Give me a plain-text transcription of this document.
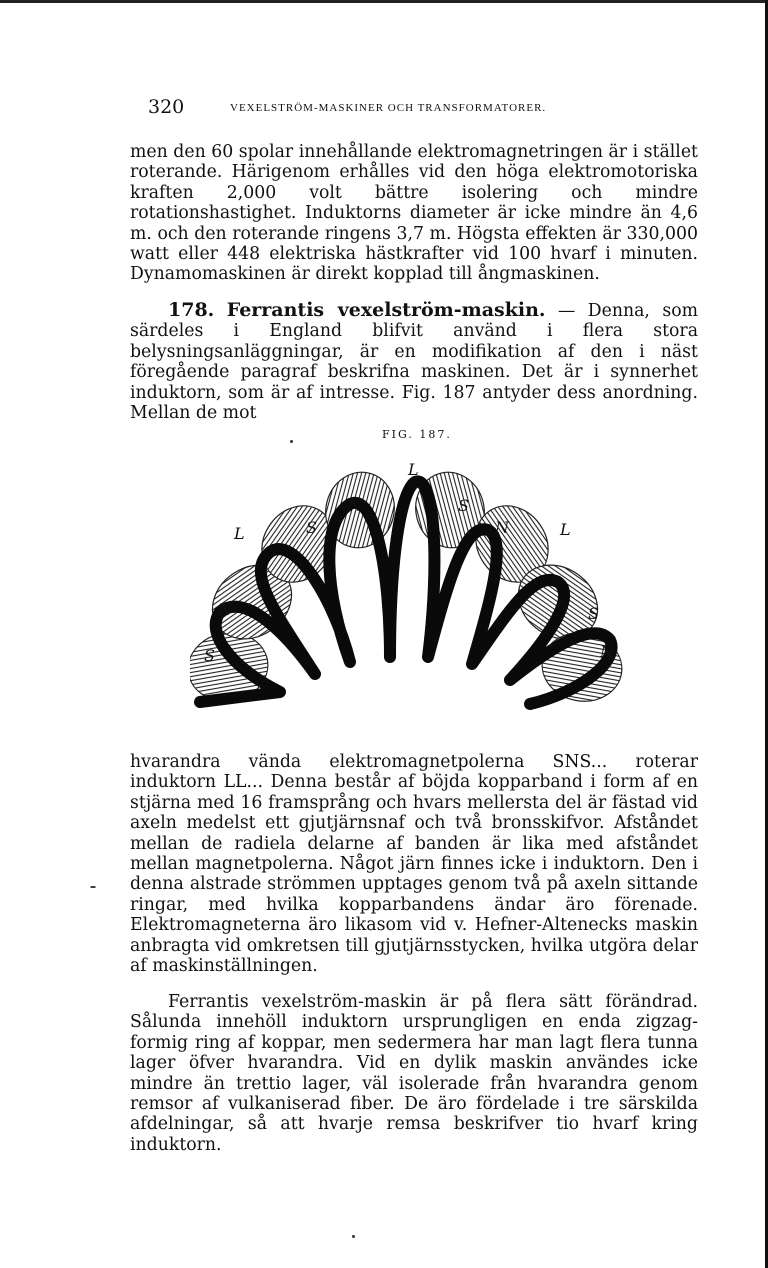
320	VEXELSTRÖM-MASKINER OCH TRANSFORMATORER.

men den 60 spolar innehållande elektromagnetringen är i stället roterande. Härigenom erhålles vid den höga elektromotoriska kraften 2,000 volt bättre isolering och mindre rotationshastighet. Induktorns diameter är icke mindre än 4,6 m. och den roterande ringens 3,7 m. Högsta effekten är 330,000 watt eller 448 elektriska hästkrafter vid 100 hvarf i minuten. Dynamomaskinen är direkt kopplad till ångmaskinen.

178. Ferrantis vexelström-maskin. — Denna, som särdeles i England blifvit använd i flera stora belysningsanläggningar, är en modifikation af den i näst föregående paragraf beskrifna maskinen. Det är i synnerhet induktorn, som är af intresse. Fig. 187 antyder dess anordning. Mellan de mot

FIG. 187.
L
N	S
L	S	N	L
N	S
S	N

hvarandra vända elektromagnetpolerna SNS... roterar induktorn LL... Denna består af böjda kopparband i form af en stjärna med 16 framsprång och hvars mellersta del är fästad vid axeln medelst ett gjutjärnsnaf och två bronsskifvor. Afståndet mellan de radiela delarne af banden är lika med afståndet mellan magnetpolerna. Något järn finnes icke i induktorn. Den i denna alstrade strömmen upptages genom två på axeln sittande ringar, med hvilka kopparbandens ändar äro förenade. Elektromagneterna äro likasom vid v. Hefner-Altenecks maskin anbragta vid omkretsen till gjutjärnsstycken, hvilka utgöra delar af maskinställningen.

Ferrantis vexelström-maskin är på flera sätt förändrad. Sålunda innehöll induktorn ursprungligen en enda zigzag-formig ring af koppar, men sedermera har man lagt flera tunna lager öfver hvarandra. Vid en dylik maskin användes icke mindre än trettio lager, väl isolerade från hvarandra genom remsor af vulkaniserad fiber. De äro fördelade i tre särskilda afdelningar, så att hvarje remsa beskrifver tio hvarf kring induktorn.
